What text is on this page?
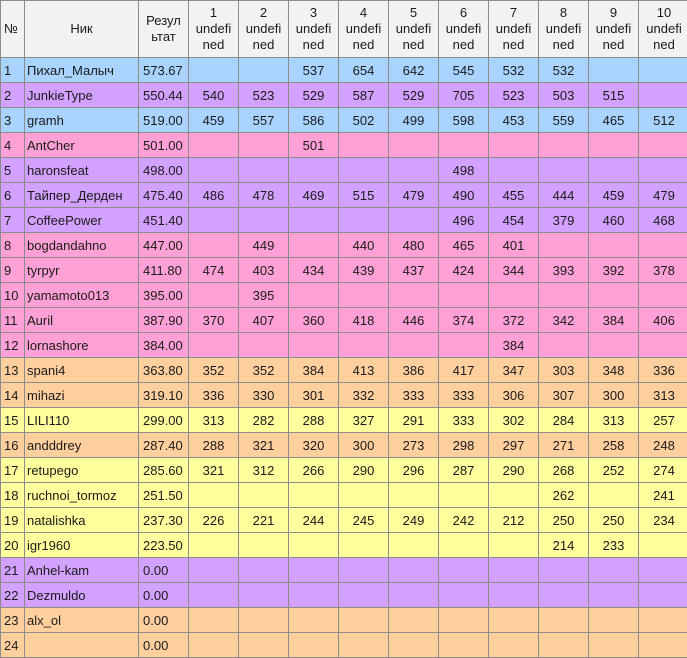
№	Ник	Резул ьтат	1 undefi ned	2 undefi ned	3 undefi ned	4 undefi ned	5 undefi ned	6 undefi ned	7 undefi ned	8 undefi ned	9 undefi ned	10 undefi ned
1	Пихал_Малыч	573.67			537	654	642	545	532	532		
2	JunkieType	550.44	540	523	529	587	529	705	523	503	515	
3	gramh	519.00	459	557	586	502	499	598	453	559	465	512
4	AntCher	501.00			501							
5	haronsfeat	498.00						498				
6	Тайпер_Дерден	475.40	486	478	469	515	479	490	455	444	459	479
7	CoffeePower	451.40						496	454	379	460	468
8	bogdandahno	447.00		449		440	480	465	401			
9	tyrpyr	411.80	474	403	434	439	437	424	344	393	392	378
10	yamamoto013	395.00		395								
11	Auril	387.90	370	407	360	418	446	374	372	342	384	406
12	lornashore	384.00							384			
13	spani4	363.80	352	352	384	413	386	417	347	303	348	336
14	mihazi	319.10	336	330	301	332	333	333	306	307	300	313
15	LILI110	299.00	313	282	288	327	291	333	302	284	313	257
16	andddrey	287.40	288	321	320	300	273	298	297	271	258	248
17	retupego	285.60	321	312	266	290	296	287	290	268	252	274
18	ruchnoi_tormoz	251.50								262		241
19	natalishka	237.30	226	221	244	245	249	242	212	250	250	234
20	igr1960	223.50								214	233	
21	Anhel-kam	0.00										
22	Dezmuldo	0.00										
23	alx_ol	0.00										
24		0.00										
